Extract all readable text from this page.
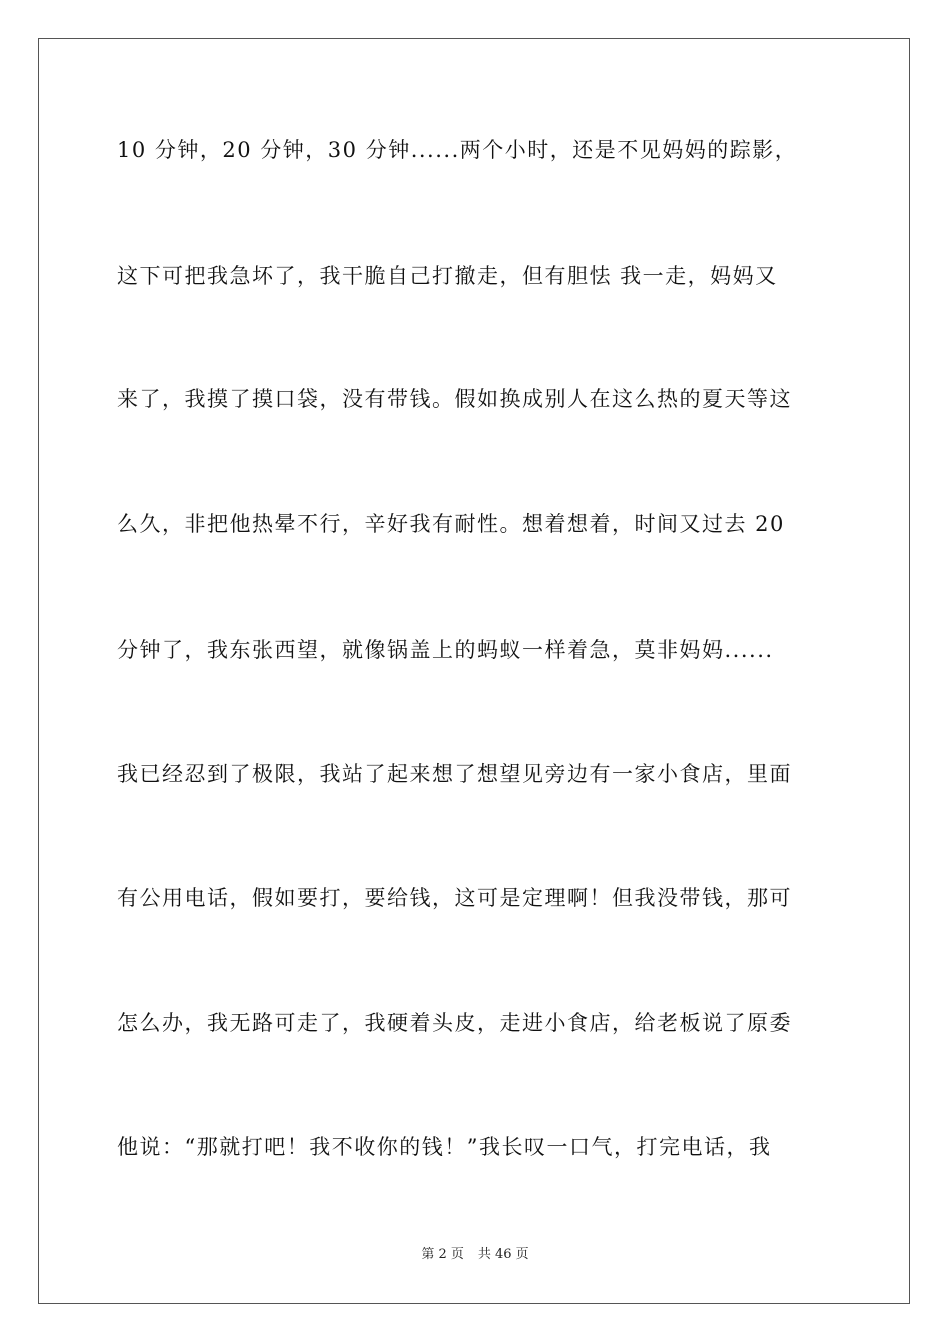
10 分钟，20 分钟，30 分钟......两个小时，还是不见妈妈的踪影，
这下可把我急坏了，我干脆自己打撤走，但有胆怯 我一走，妈妈又
来了，我摸了摸口袋，没有带钱。假如换成别人在这么热的夏天等这
么久，非把他热晕不行，辛好我有耐性。想着想着，时间又过去 20
分钟了，我东张西望，就像锅盖上的蚂蚁一样着急，莫非妈妈......
我已经忍到了极限，我站了起来想了想望见旁边有一家小食店，里面
有公用电话，假如要打，要给钱，这可是定理啊！但我没带钱，那可
怎么办，我无路可走了，我硬着头皮，走进小食店，给老板说了原委
他说：“那就打吧！我不收你的钱！”我长叹一口气，打完电话，我
第 2 页 共 46 页
